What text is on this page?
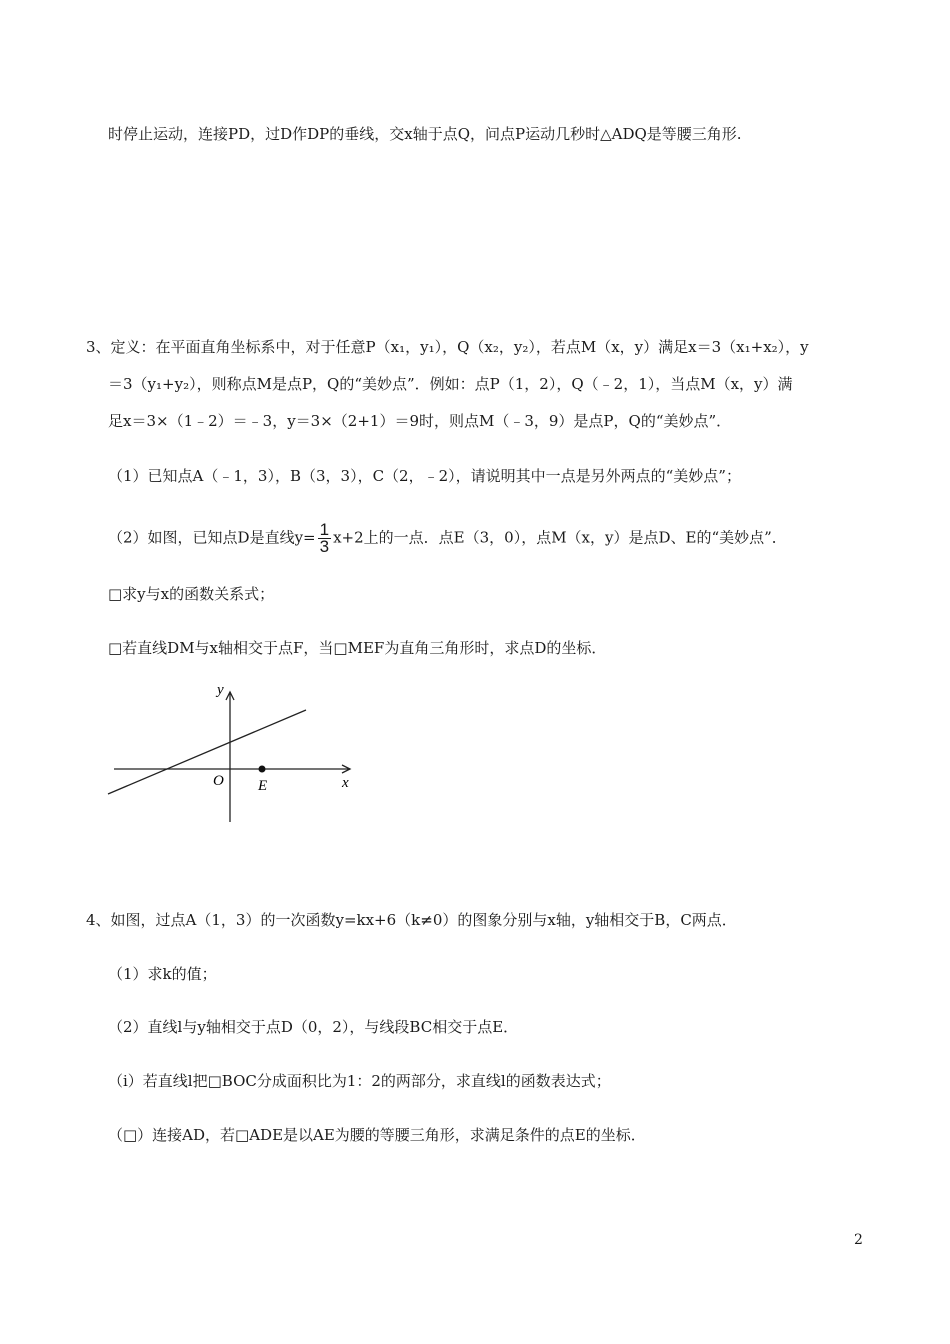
时停止运动，连接PD，过D作DP的垂线，交x轴于点Q，问点P运动几秒时△ADQ是等腰三角形.
3、定义：在平面直角坐标系中，对于任意P（x₁，y₁），Q（x₂，y₂），若点M（x，y）满足x＝3（x₁+x₂），y
＝3（y₁+y₂），则称点M是点P，Q的“美妙点”．例如：点P（1，2），Q（﹣2，1），当点M（x，y）满
足x＝3×（1﹣2）＝﹣3，y＝3×（2+1）＝9时，则点M（﹣3，9）是点P，Q的“美妙点”．
（1）已知点A（﹣1，3），B（3，3），C（2，﹣2），请说明其中一点是另外两点的“美妙点”；
（2）如图，已知点D是直线$y= \frac{1}{3} x+2$上的一点．点E（3，0），点M（x，y）是点D、E的“美妙点”．
□求y与x的函数关系式；
□若直线DM与x轴相交于点F，当□MEF为直角三角形时，求点D的坐标．
y
x
O E
4、如图，过点A（1，3）的一次函数y=kx+6（k≠0）的图象分别与x轴，y轴相交于B，C两点．
（1）求k的值；
（2）直线l与y轴相交于点D（0，2），与线段BC相交于点E．
（i）若直线l把□BOC分成面积比为1：2的两部分，求直线l的函数表达式；
（□）连接AD，若□ADE是以AE为腰的等腰三角形，求满足条件的点E的坐标．
2
